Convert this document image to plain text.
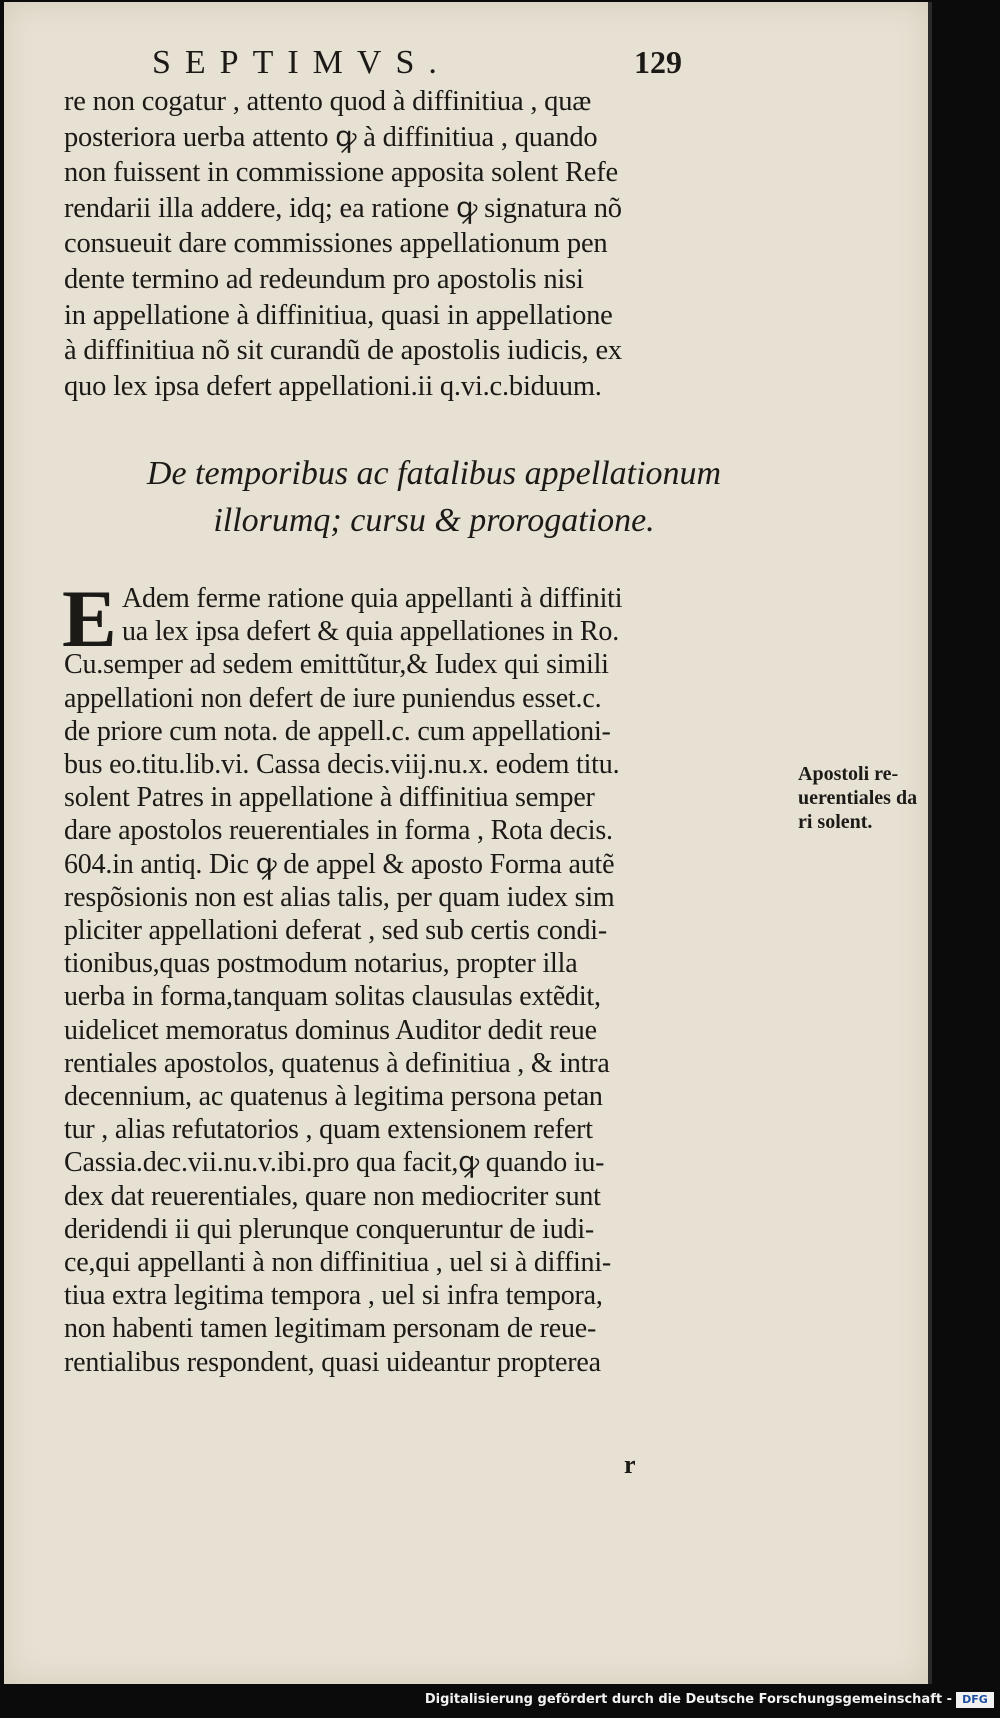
SEPTIMVS.	129
re non cogatur , attento quod à diffinitiua , quæ
posteriora uerba attento ꝙ à diffinitiua , quando
non fuissent in commissione apposita solent Refe
rendarii illa addere, idq; ea ratione ꝙ signatura nõ
consueuit dare commissiones appellationum pen
dente termino ad redeundum pro apostolis nisi
in appellatione à diffinitiua, quasi in appellatione
à diffinitiua nõ sit curandũ de apostolis iudicis, ex
quo lex ipsa defert appellationi.ii q.vi.c.biduum.
De temporibus ac fatalibus appellationum
illorumq; cursu & prorogatione.
E Adem ferme ratione quia appellanti à diffiniti
ua lex ipsa defert & quia appellationes in Ro.
Cu.semper ad sedem emittũtur,& Iudex qui simili
appellationi non defert de iure puniendus esset.c.
de priore cum nota. de appell.c. cum appellationi-
bus eo.titu.lib.vi. Cassa decis.viij.nu.x. eodem titu.
solent Patres in appellatione à diffinitiua semper
dare apostolos reuerentiales in forma , Rota decis.
604.in antiq. Dic ꝙ de appel & aposto Forma autẽ
respõsionis non est alias talis, per quam iudex sim
pliciter appellationi deferat , sed sub certis condi-
tionibus,quas postmodum notarius, propter illa
uerba in forma,tanquam solitas clausulas extẽdit,
uidelicet memoratus dominus Auditor dedit reue
rentiales apostolos, quatenus à definitiua , & intra
decennium, ac quatenus à legitima persona petan
tur , alias refutatorios , quam extensionem refert
Cassia.dec.vii.nu.v.ibi.pro qua facit,ꝙ quando iu-
dex dat reuerentiales, quare non mediocriter sunt
deridendi ii qui plerunque conqueruntur de iudi-
ce,qui appellanti à non diffinitiua , uel si à diffini-
tiua extra legitima tempora , uel si infra tempora,
non habenti tamen legitimam personam de reue-
rentialibus respondent, quasi uideantur propterea
Apostoli re-
uerentiales da
ri solent.
r
Digitalisierung gefördert durch die Deutsche Forschungsgemeinschaft - DFG
